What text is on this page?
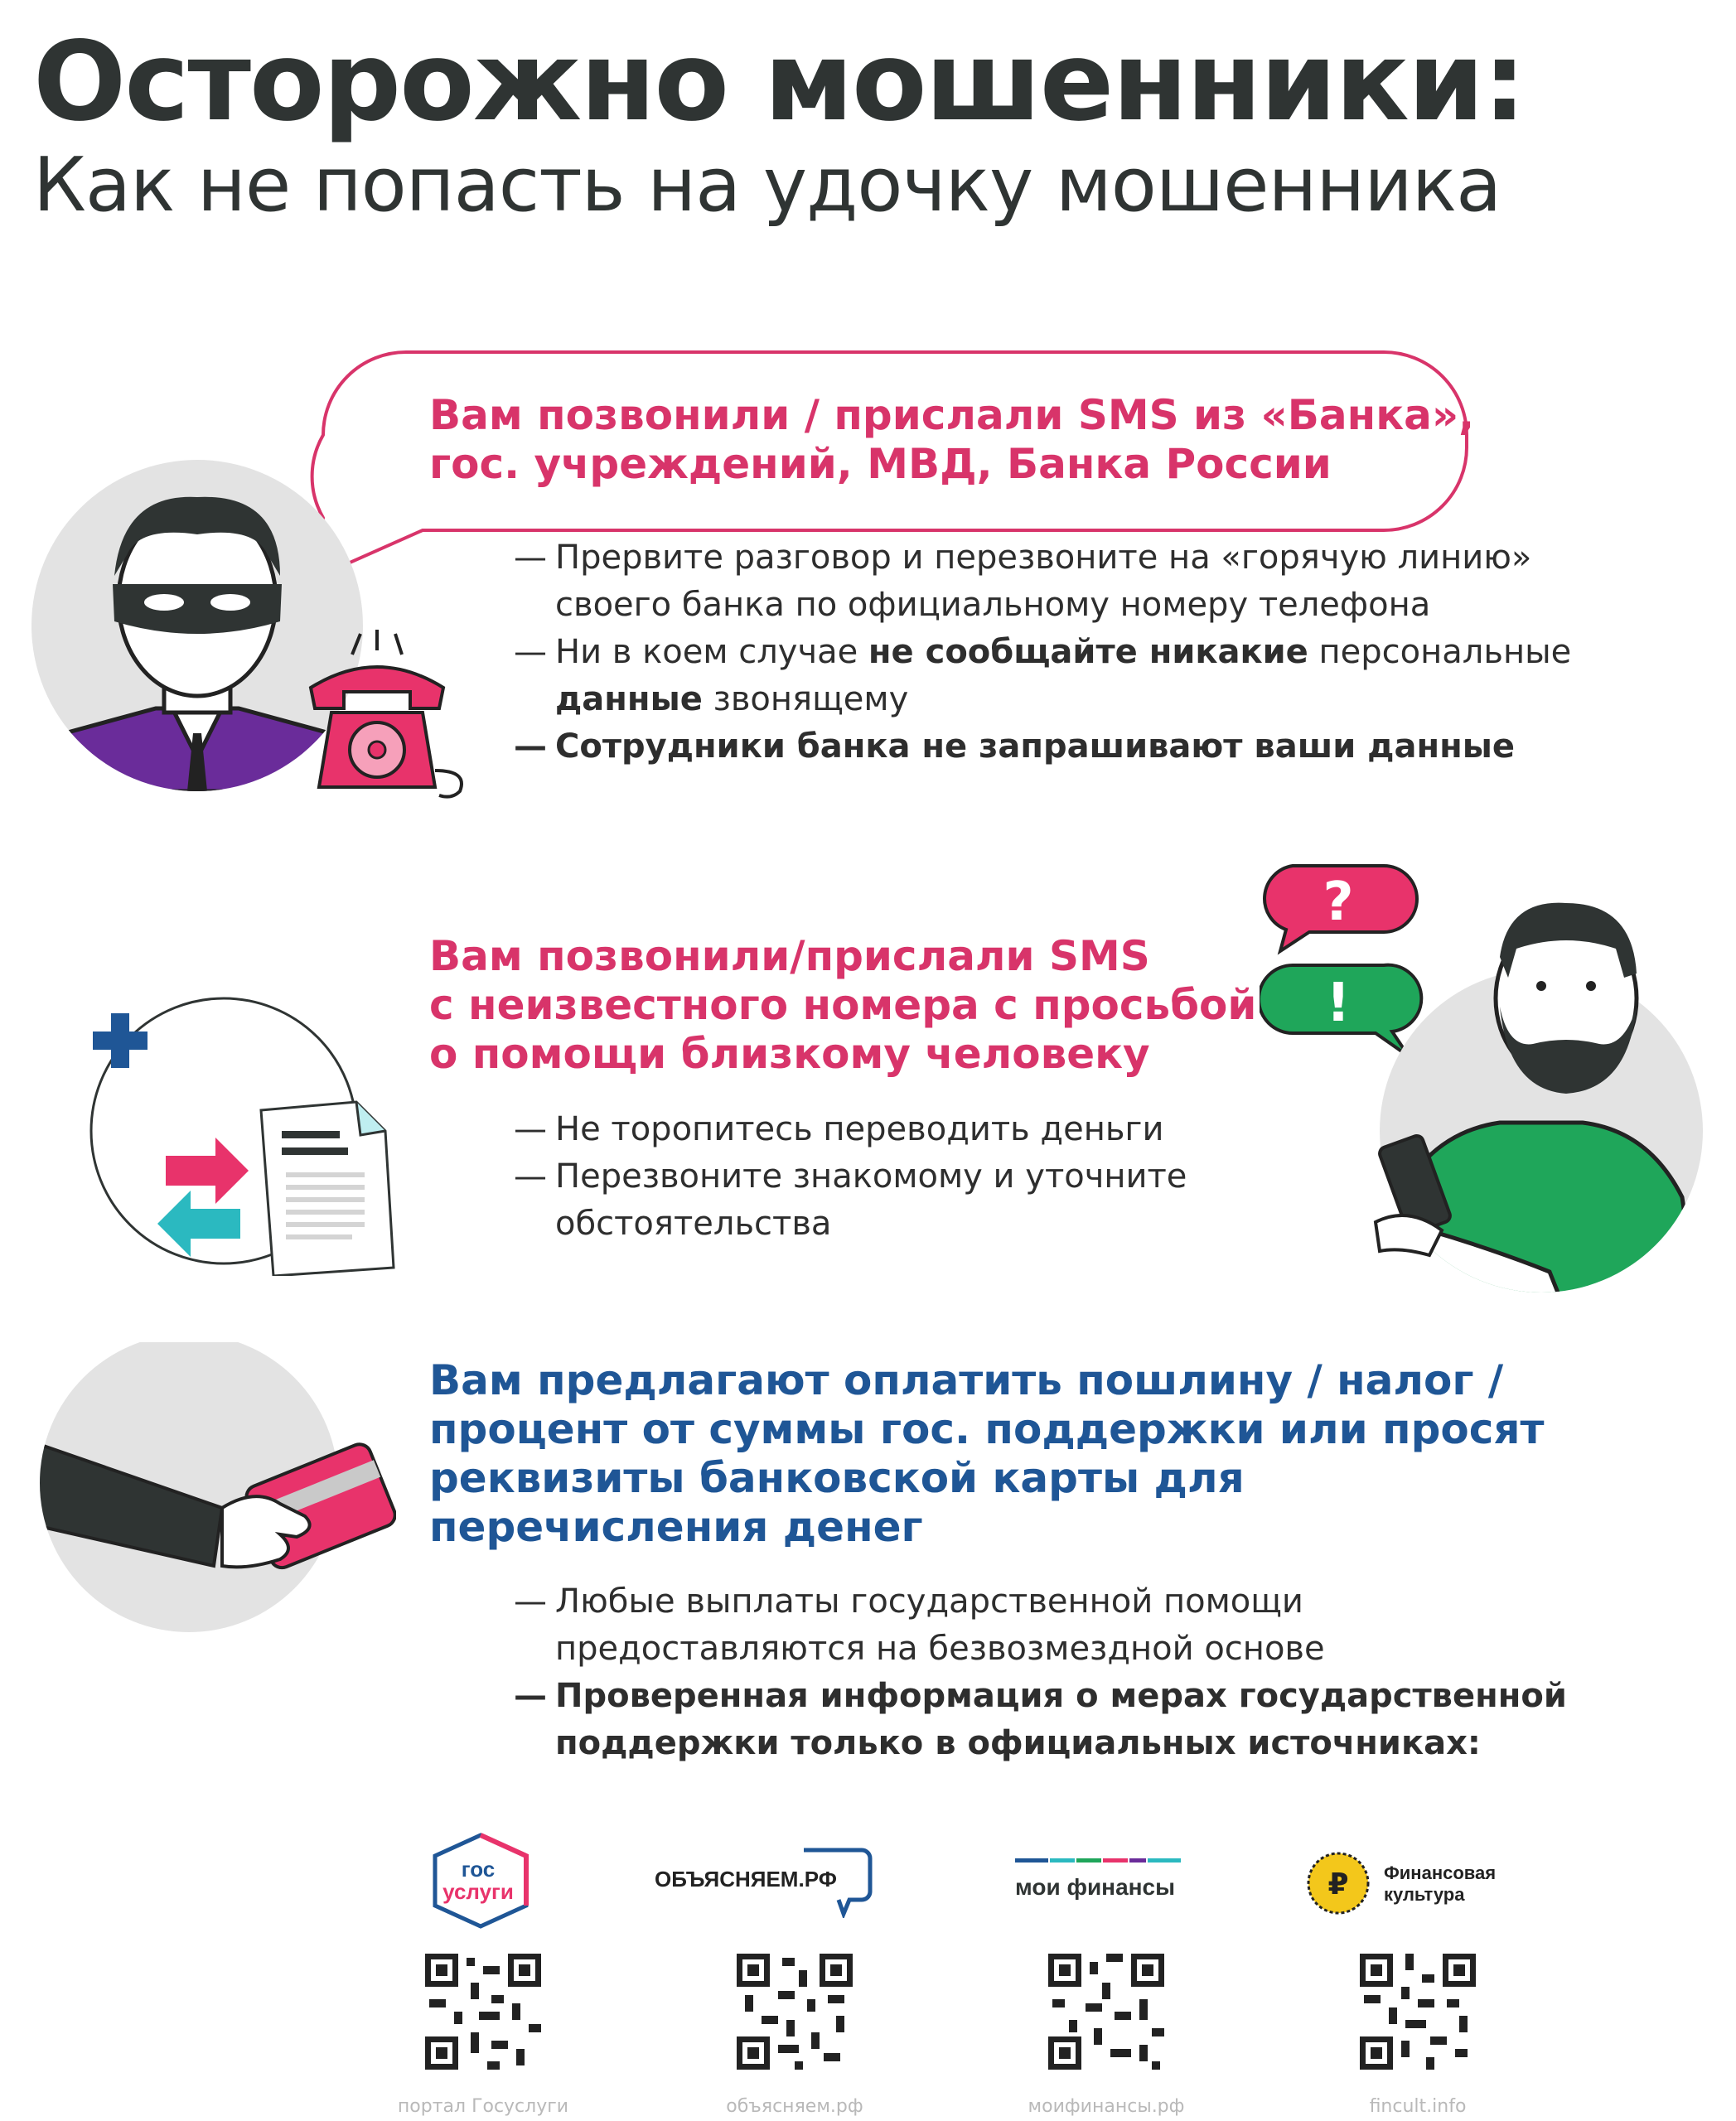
Осторожно мошенники:
Как не попасть на удочку мошенника
Вам позвонили / прислали SMS из «Банка»,
гос. учреждений, МВД, Банка России
— Прервите разговор и перезвоните на «горячую линию»
своего банка по официальному номеру телефона
— Ни в коем случае не сообщайте никакие персональные
данные звонящему
— Сотрудники банка не запрашивают ваши данные
Вам позвонили/прислали SMS
с неизвестного номера с просьбой
о помощи близкому человеку
— Не торопитесь переводить деньги
— Перезвоните знакомому и уточните
обстоятельства
?
!
Вам предлагают оплатить пошлину / налог /
процент от суммы гос. поддержки или просят
реквизиты банковской карты для
перечисления денег
— Любые выплаты государственной помощи
предоставляются на безвозмездной основе
— Проверенная информация о мерах государственной
поддержки только в официальных источниках:
гос
услуги
портал Госуслуги
ОБЪЯСНЯЕМ.РФ
объясняем.рф
мои финансы
моифинансы.рф
₽ Финансовая
культура
fincult.info
